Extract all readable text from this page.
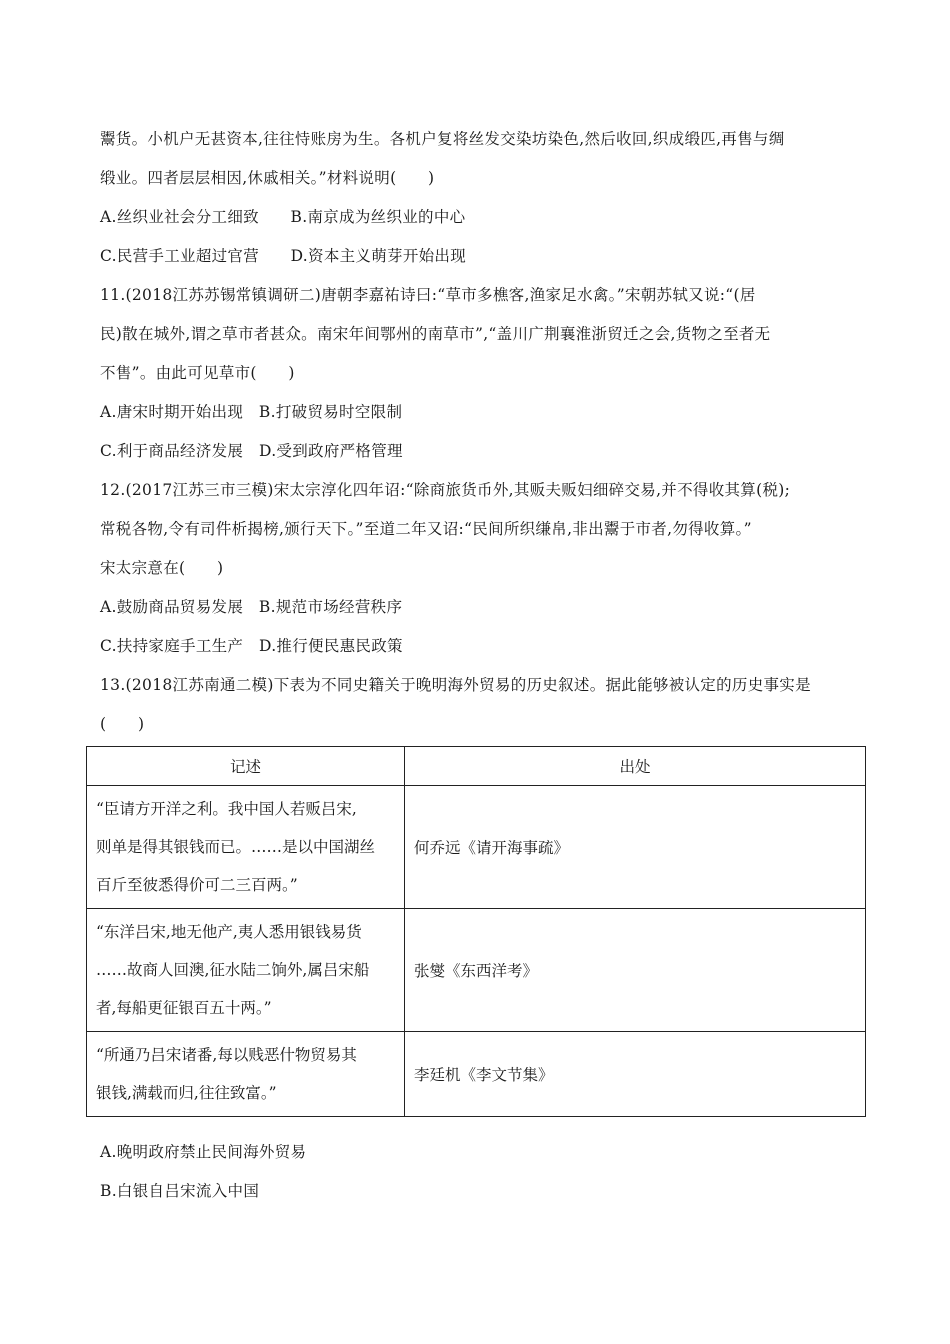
鬻货。小机户无甚资本,往往恃账房为生。各机户复将丝发交染坊染色,然后收回,织成缎匹,再售与绸
缎业。四者层层相因,休戚相关。”材料说明(　　)
A.丝织业社会分工细致　　B.南京成为丝织业的中心
C.民营手工业超过官营　　D.资本主义萌芽开始出现
11.(2018江苏苏锡常镇调研二)唐朝李嘉祐诗曰:“草市多樵客,渔家足水禽。”宋朝苏轼又说:“(居
民)散在城外,谓之草市者甚众。南宋年间鄂州的南草市”,“盖川广荆襄淮浙贸迁之会,货物之至者无
不售”。由此可见草市(　　)
A.唐宋时期开始出现　B.打破贸易时空限制
C.利于商品经济发展　D.受到政府严格管理
12.(2017江苏三市三模)宋太宗淳化四年诏:“除商旅货币外,其贩夫贩妇细碎交易,并不得收其算(税);
常税各物,令有司件析揭榜,颁行天下。”至道二年又诏:“民间所织缣帛,非出鬻于市者,勿得收算。”
宋太宗意在(　　)
A.鼓励商品贸易发展　B.规范市场经营秩序
C.扶持家庭手工生产　D.推行便民惠民政策
13.(2018江苏南通二模)下表为不同史籍关于晚明海外贸易的历史叙述。据此能够被认定的历史事实是
(　　)
记述	出处

“臣请方开洋之利。我中国人若贩吕宋,
则单是得其银钱而已。……是以中国湖丝
百斤至彼悉得价可二三百两。”	何乔远《请开海事疏》

“东洋吕宋,地无他产,夷人悉用银钱易货
……故商人回澳,征水陆二饷外,属吕宋船
者,每船更征银百五十两。”	张燮《东西洋考》

“所通乃吕宋诸番,每以贱恶什物贸易其
银钱,满载而归,往往致富。”	李廷机《李文节集》
A.晚明政府禁止民间海外贸易
B.白银自吕宋流入中国
